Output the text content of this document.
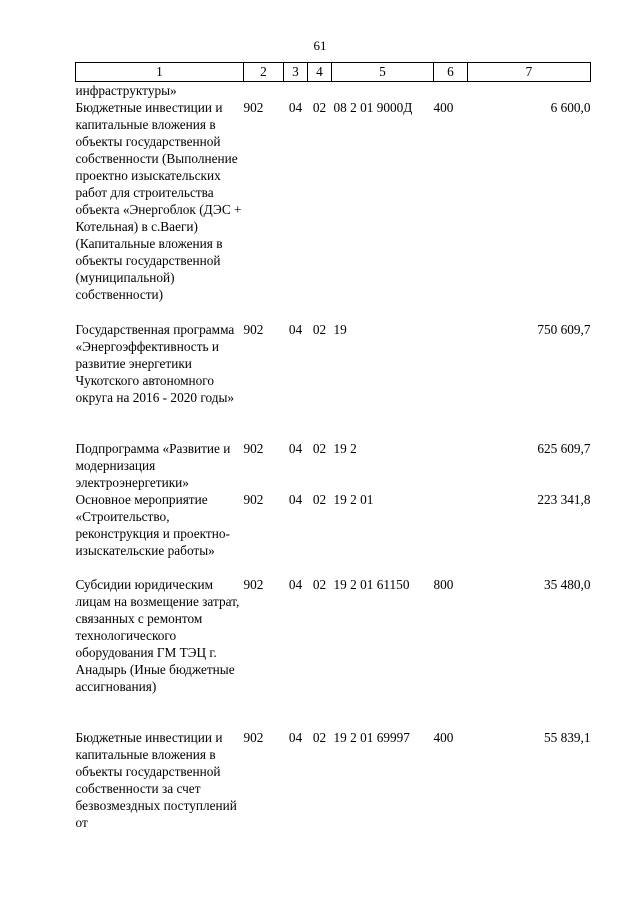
61
1	2	3	4	5	6	7
инфраструктуры»						
Бюджетные инвестиции и капитальные вложения в объекты государственной собственности (Выполнение проектно изыскательских работ для строительства объекта «Энергоблок (ДЭС + Котельная) в с.Ваеги) (Капитальные вложения в объекты государственной (муниципальной) собственности)	902	04	02	08 2 01 9000Д	400	6 600,0
Государственная программа «Энергоэффективность и развитие энергетики Чукотского автономного округа на 2016 - 2020 годы»	902	04	02	19		750 609,7
Подпрограмма «Развитие и модернизация электроэнергетики»	902	04	02	19 2		625 609,7
Основное мероприятие «Строительство, реконструкция и проектно-изыскательские работы»	902	04	02	19 2 01		223 341,8
Субсидии юридическим лицам на возмещение затрат, связанных с ремонтом технологического оборудования ГМ ТЭЦ г. Анадырь (Иные бюджетные ассигнования)	902	04	02	19 2 01 61150	800	35 480,0
Бюджетные инвестиции и капитальные вложения в объекты государственной собственности за счет безвозмездных поступлений от	902	04	02	19 2 01 69997	400	55 839,1
